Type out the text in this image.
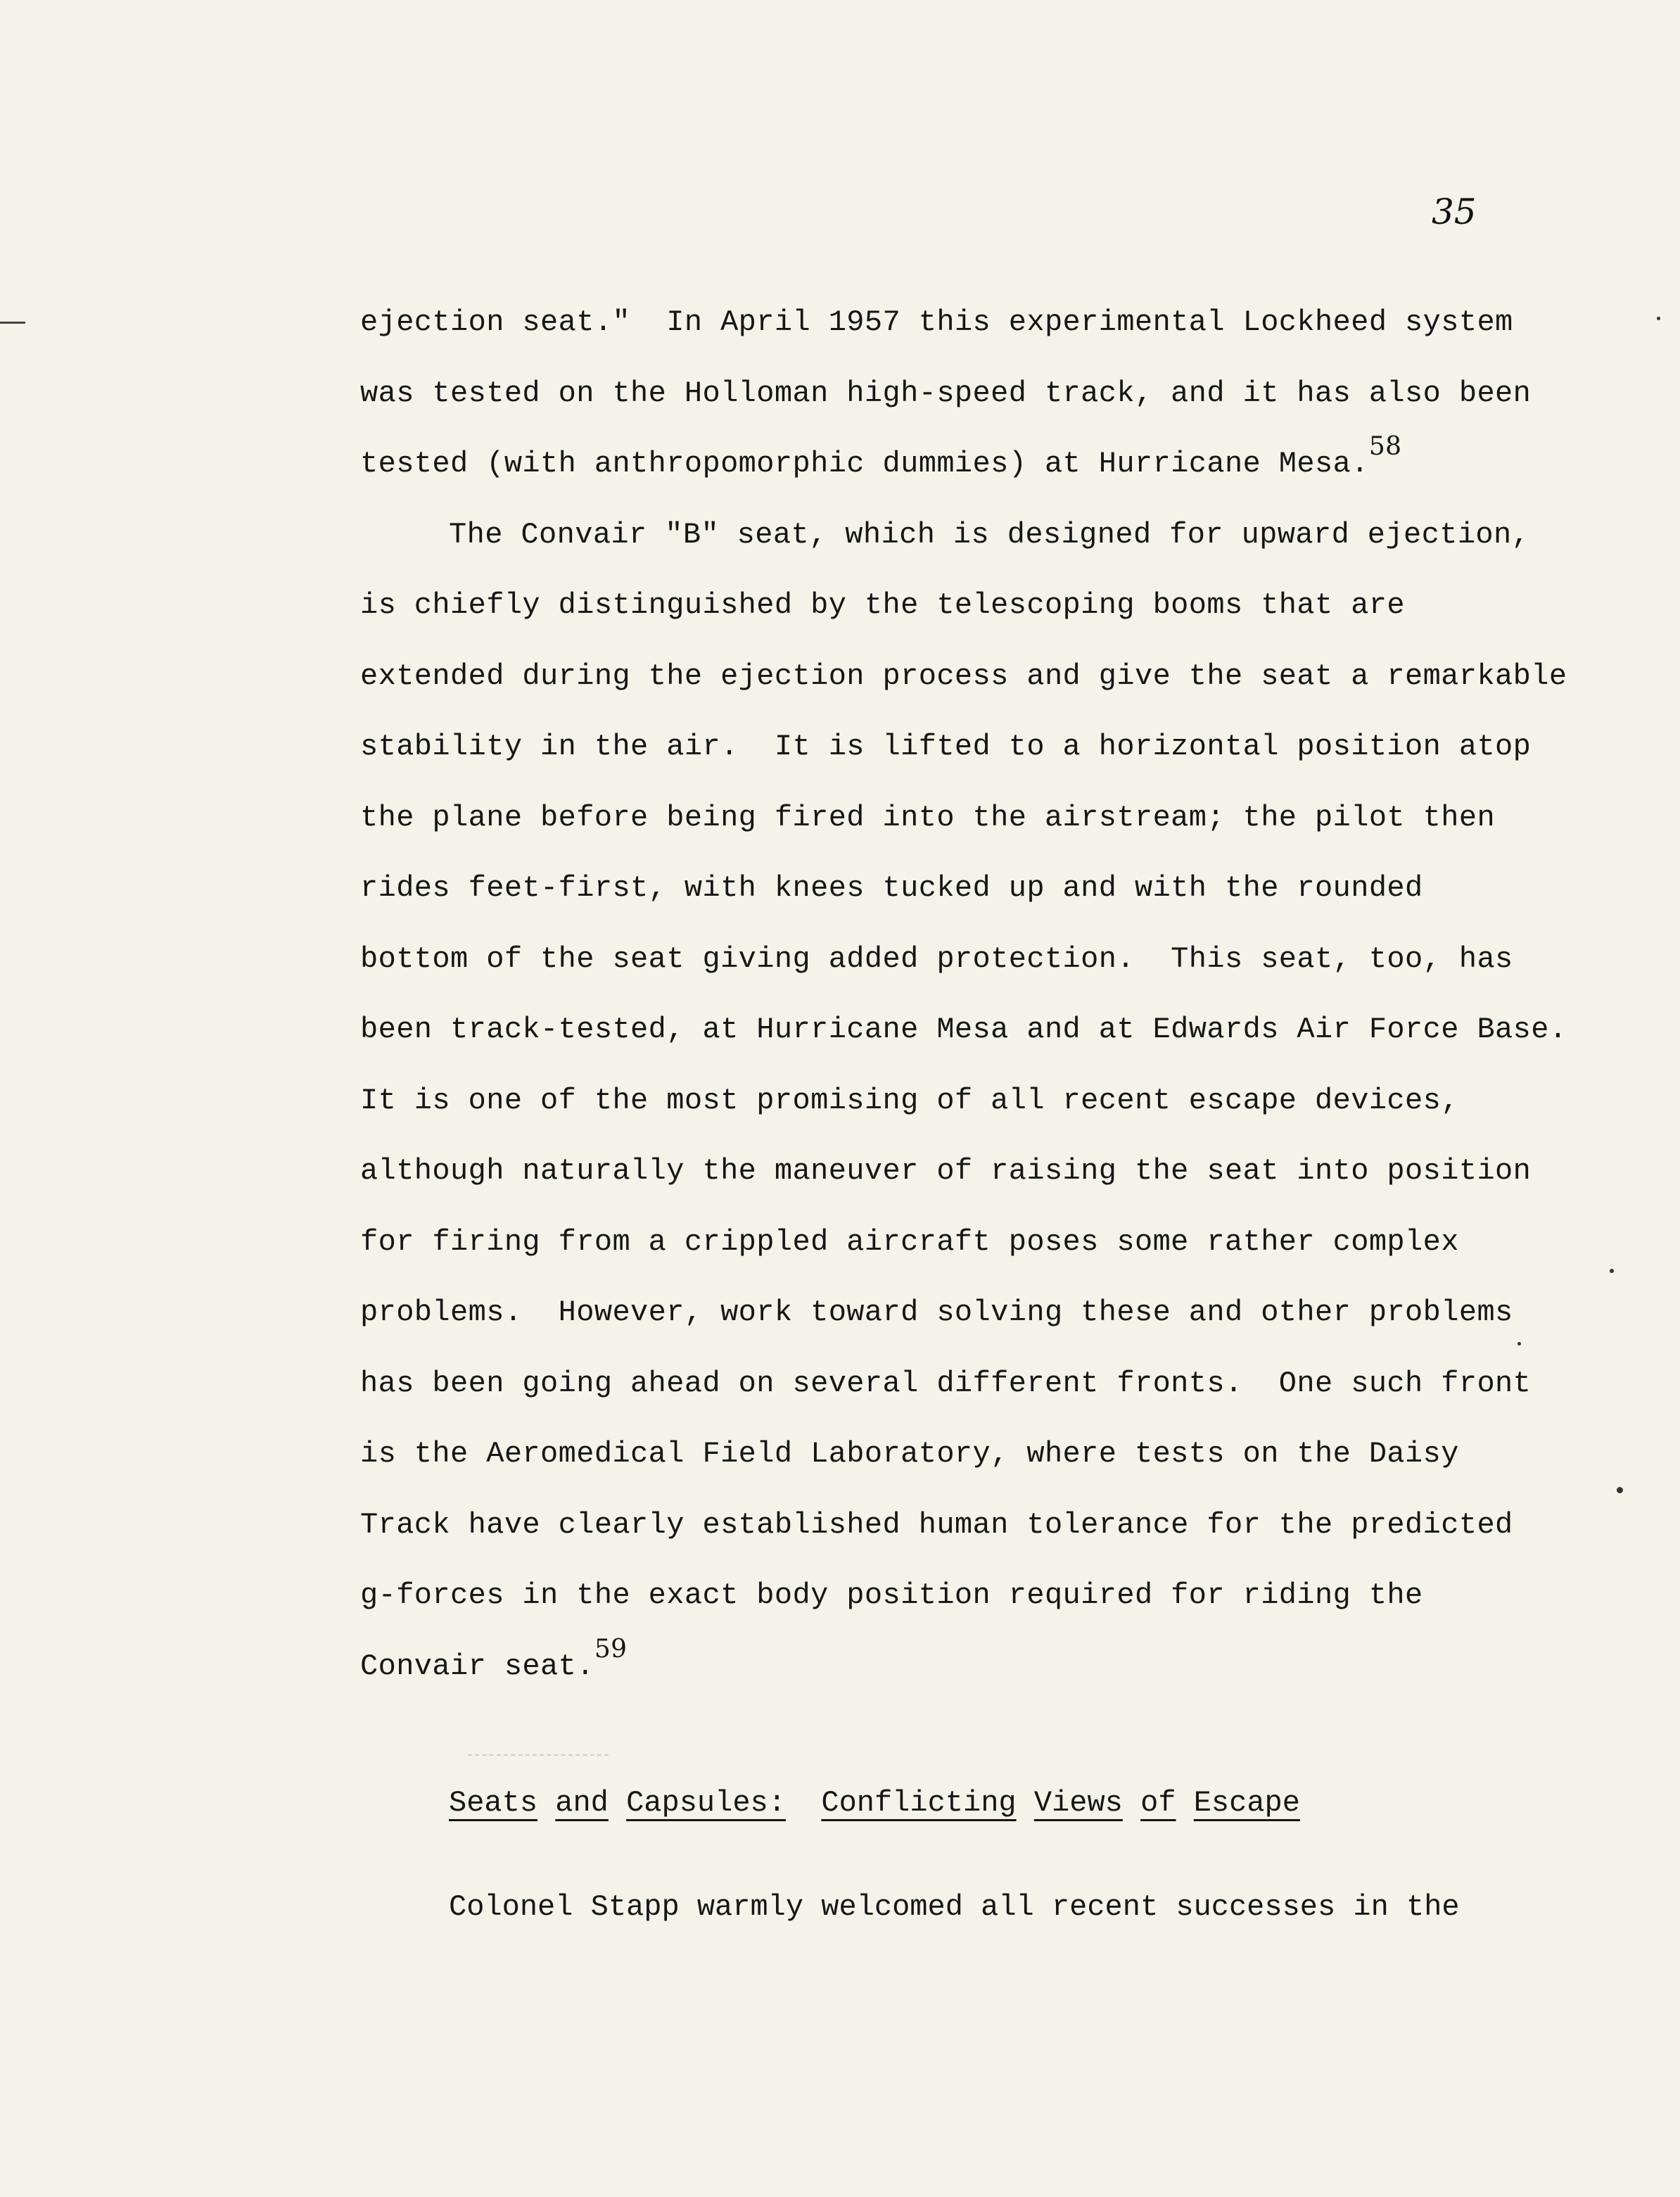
35
ejection seat."  In April 1957 this experimental Lockheed system
was tested on the Holloman high-speed track, and it has also been
tested (with anthropomorphic dummies) at Hurricane Mesa.58
The Convair "B" seat, which is designed for upward ejection,
is chiefly distinguished by the telescoping booms that are
extended during the ejection process and give the seat a remarkable
stability in the air.  It is lifted to a horizontal position atop
the plane before being fired into the airstream; the pilot then
rides feet-first, with knees tucked up and with the rounded
bottom of the seat giving added protection.  This seat, too, has
been track-tested, at Hurricane Mesa and at Edwards Air Force Base.
It is one of the most promising of all recent escape devices,
although naturally the maneuver of raising the seat into position
for firing from a crippled aircraft poses some rather complex
problems.  However, work toward solving these and other problems
has been going ahead on several different fronts.  One such front
is the Aeromedical Field Laboratory, where tests on the Daisy
Track have clearly established human tolerance for the predicted
g-forces in the exact body position required for riding the
Convair seat.59
Seats and Capsules: Conflicting Views of Escape
Colonel Stapp warmly welcomed all recent successes in the
